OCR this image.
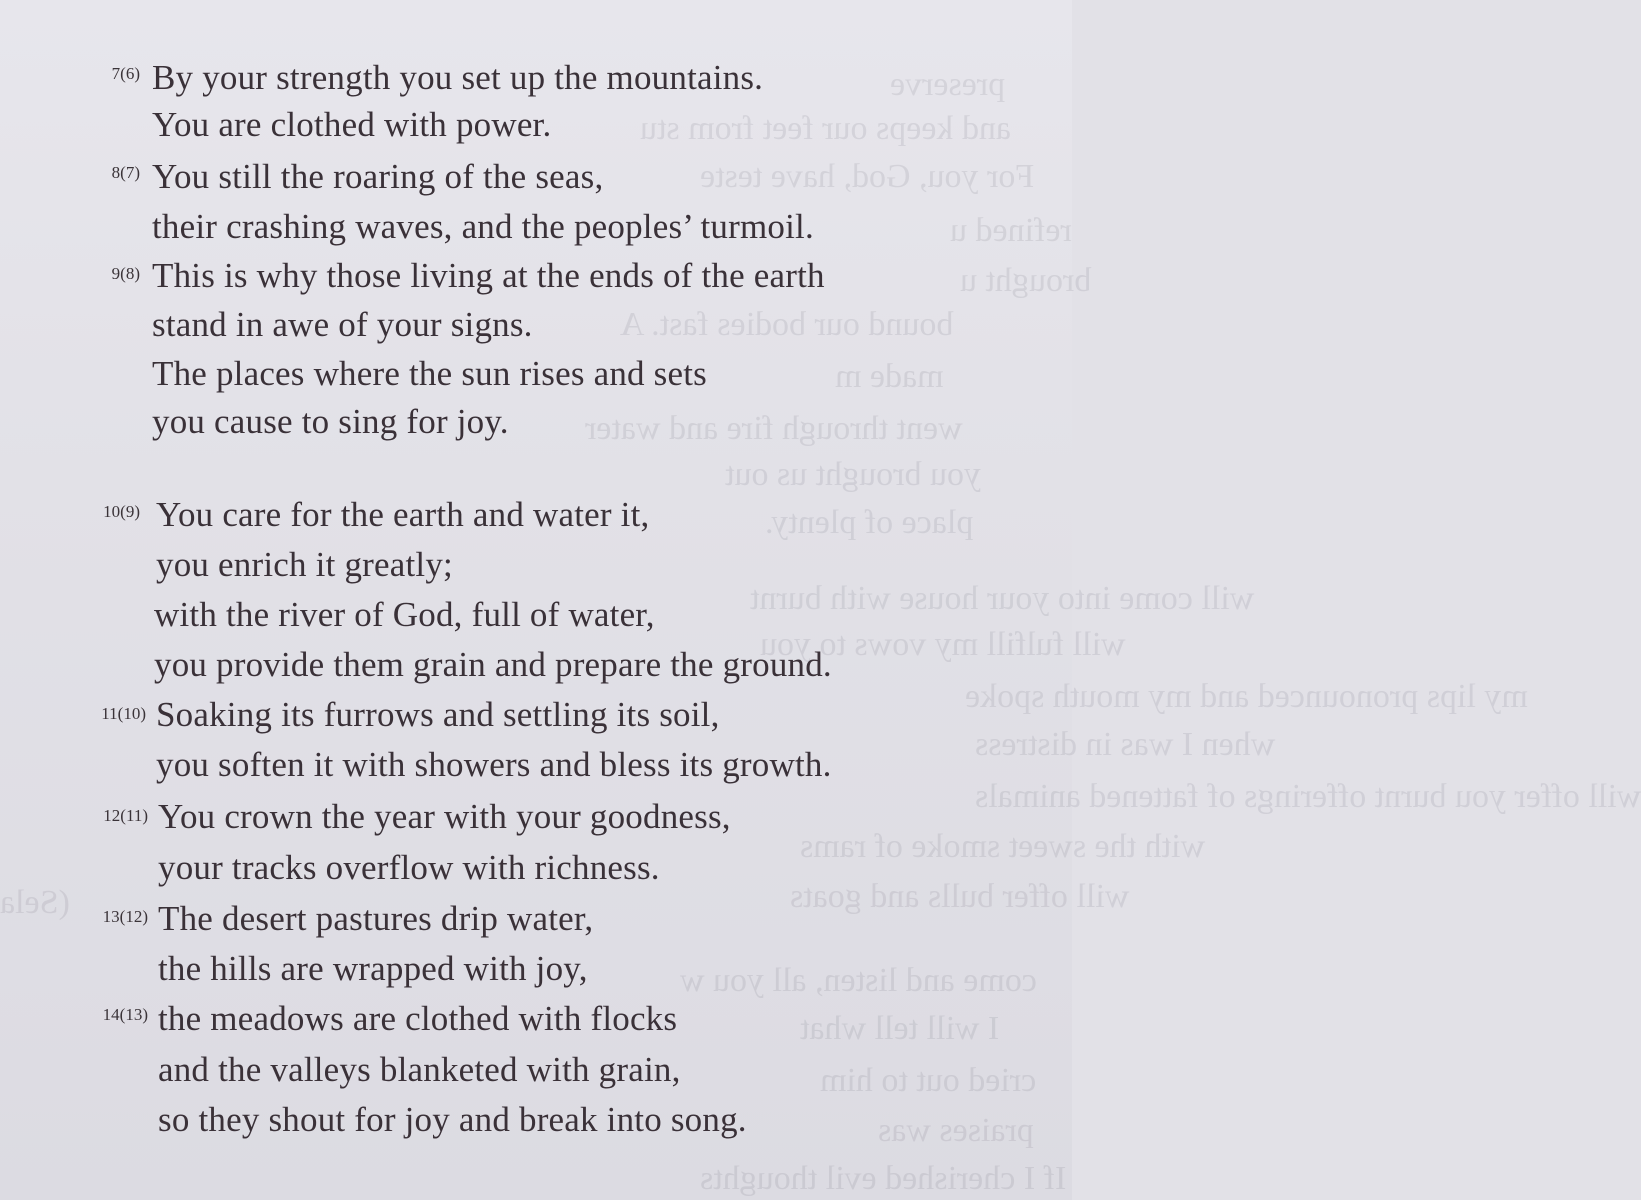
preserve
and keeps our feet from stu
For you, God, have teste
refined u
brought u
bound our bodies fast. A
made m
went through fire and water
you brought us out
place of plenty.
will come into your house with burnt
will fulfill my vows to you
my lips pronounced and my mouth spoke
when I was in distress
will offer you burnt offerings of fattened animals
with the sweet smoke of rams
will offer bulls and goats
(Sela
come and listen, all you w
I will tell what
cried out to him
praises was
If I cherished evil thoughts
7(6) By your strength you set up the mountains.
You are clothed with power.
8(7) You still the roaring of the seas,
their crashing waves, and the peoples’ turmoil.
9(8) This is why those living at the ends of the earth
stand in awe of your signs.
The places where the sun rises and sets
you cause to sing for joy.
10(9) You care for the earth and water it,
you enrich it greatly;
with the river of God, full of water,
you provide them grain and prepare the ground.
11(10) Soaking its furrows and settling its soil,
you soften it with showers and bless its growth.
12(11) You crown the year with your goodness,
your tracks overflow with richness.
13(12) The desert pastures drip water,
the hills are wrapped with joy,
14(13) the meadows are clothed with flocks
and the valleys blanketed with grain,
so they shout for joy and break into song.
